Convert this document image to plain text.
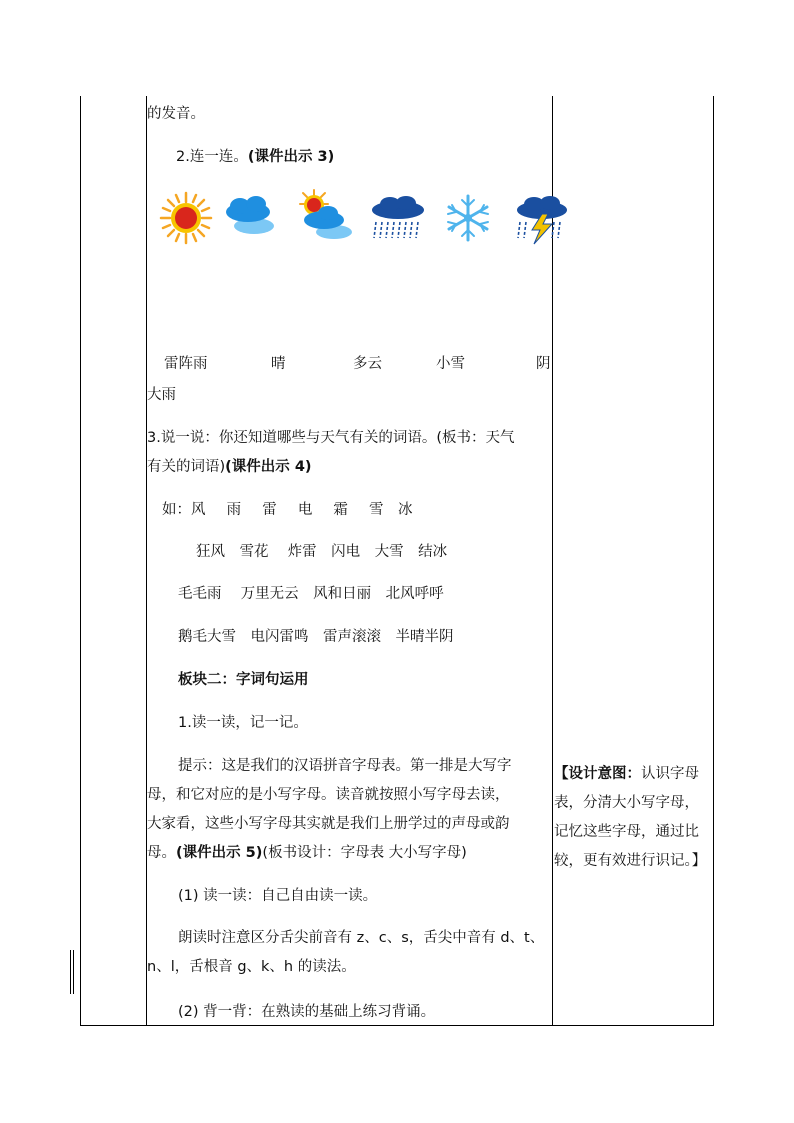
的发音。
2.连一连。(课件出示 3)
雷阵雨	晴	多云	小雪	阴
大雨
3.说一说：你还知道哪些与天气有关的词语。(板书：天气
有关的词语)(课件出示 4)
如：风　 雨　 雷　 电　 霜　 雪　冰
狂风　雪花　 炸雷　闪电　大雪　结冰
毛毛雨　 万里无云　风和日丽　北风呼呼
鹅毛大雪　电闪雷鸣　雷声滚滚　半晴半阴
板块二：字词句运用
1.读一读，记一记。
提示：这是我们的汉语拼音字母表。第一排是大写字
母，和它对应的是小写字母。读音就按照小写字母去读，
大家看，这些小写字母其实就是我们上册学过的声母或韵
母。(课件出示 5)(板书设计：字母表 大小写字母)
(1) 读一读：自己自由读一读。
朗读时注意区分舌尖前音有 z、c、s，舌尖中音有 d、t、
n、l，舌根音 g、k、h 的读法。
(2) 背一背：在熟读的基础上练习背诵。
【设计意图：认识字母
表，分清大小写字母，
记忆这些字母，通过比
较，更有效进行识记。】
